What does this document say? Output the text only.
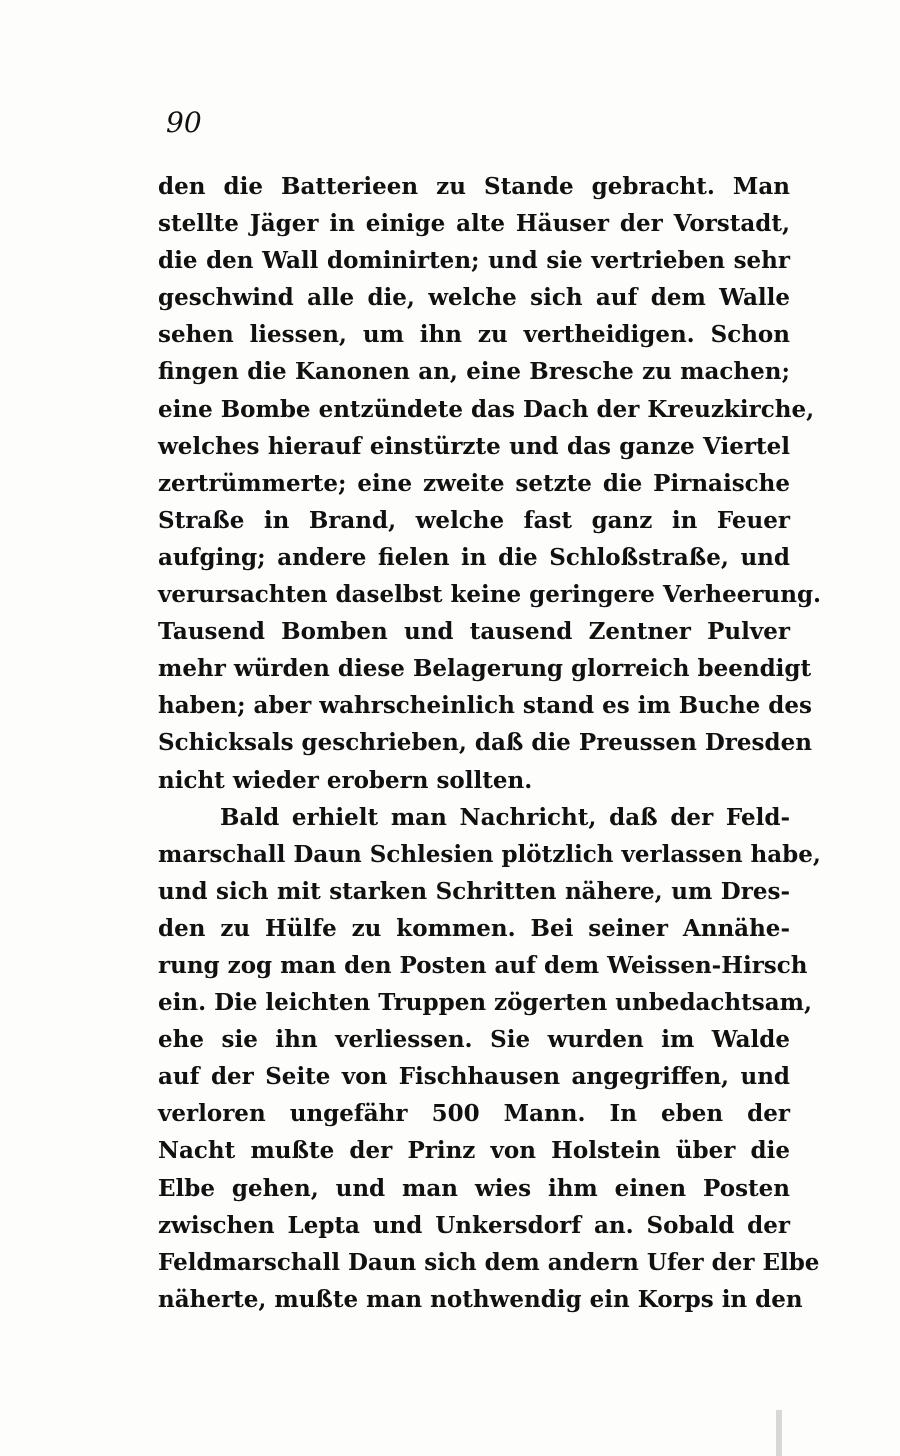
90
den die Batterieen zu Stande gebracht. Man
stellte Jäger in einige alte Häuser der Vorstadt,
die den Wall dominirten; und sie vertrieben sehr
geschwind alle die, welche sich auf dem Walle
sehen liessen, um ihn zu vertheidigen. Schon
fingen die Kanonen an, eine Bresche zu machen;
eine Bombe entzündete das Dach der Kreuzkirche,
welches hierauf einstürzte und das ganze Viertel
zertrümmerte; eine zweite setzte die Pirnaische
Straße in Brand, welche fast ganz in Feuer
aufging; andere fielen in die Schloßstraße, und
verursachten daselbst keine geringere Verheerung.
Tausend Bomben und tausend Zentner Pulver
mehr würden diese Belagerung glorreich beendigt
haben; aber wahrscheinlich stand es im Buche des
Schicksals geschrieben, daß die Preussen Dresden
nicht wieder erobern sollten.
Bald erhielt man Nachricht, daß der Feld-
marschall Daun Schlesien plötzlich verlassen habe,
und sich mit starken Schritten nähere, um Dres-
den zu Hülfe zu kommen. Bei seiner Annähe-
rung zog man den Posten auf dem Weissen-Hirsch
ein. Die leichten Truppen zögerten unbedachtsam,
ehe sie ihn verliessen. Sie wurden im Walde
auf der Seite von Fischhausen angegriffen, und
verloren ungefähr 500 Mann. In eben der
Nacht mußte der Prinz von Holstein über die
Elbe gehen, und man wies ihm einen Posten
zwischen Lepta und Unkersdorf an. Sobald der
Feldmarschall Daun sich dem andern Ufer der Elbe
näherte, mußte man nothwendig ein Korps in den
